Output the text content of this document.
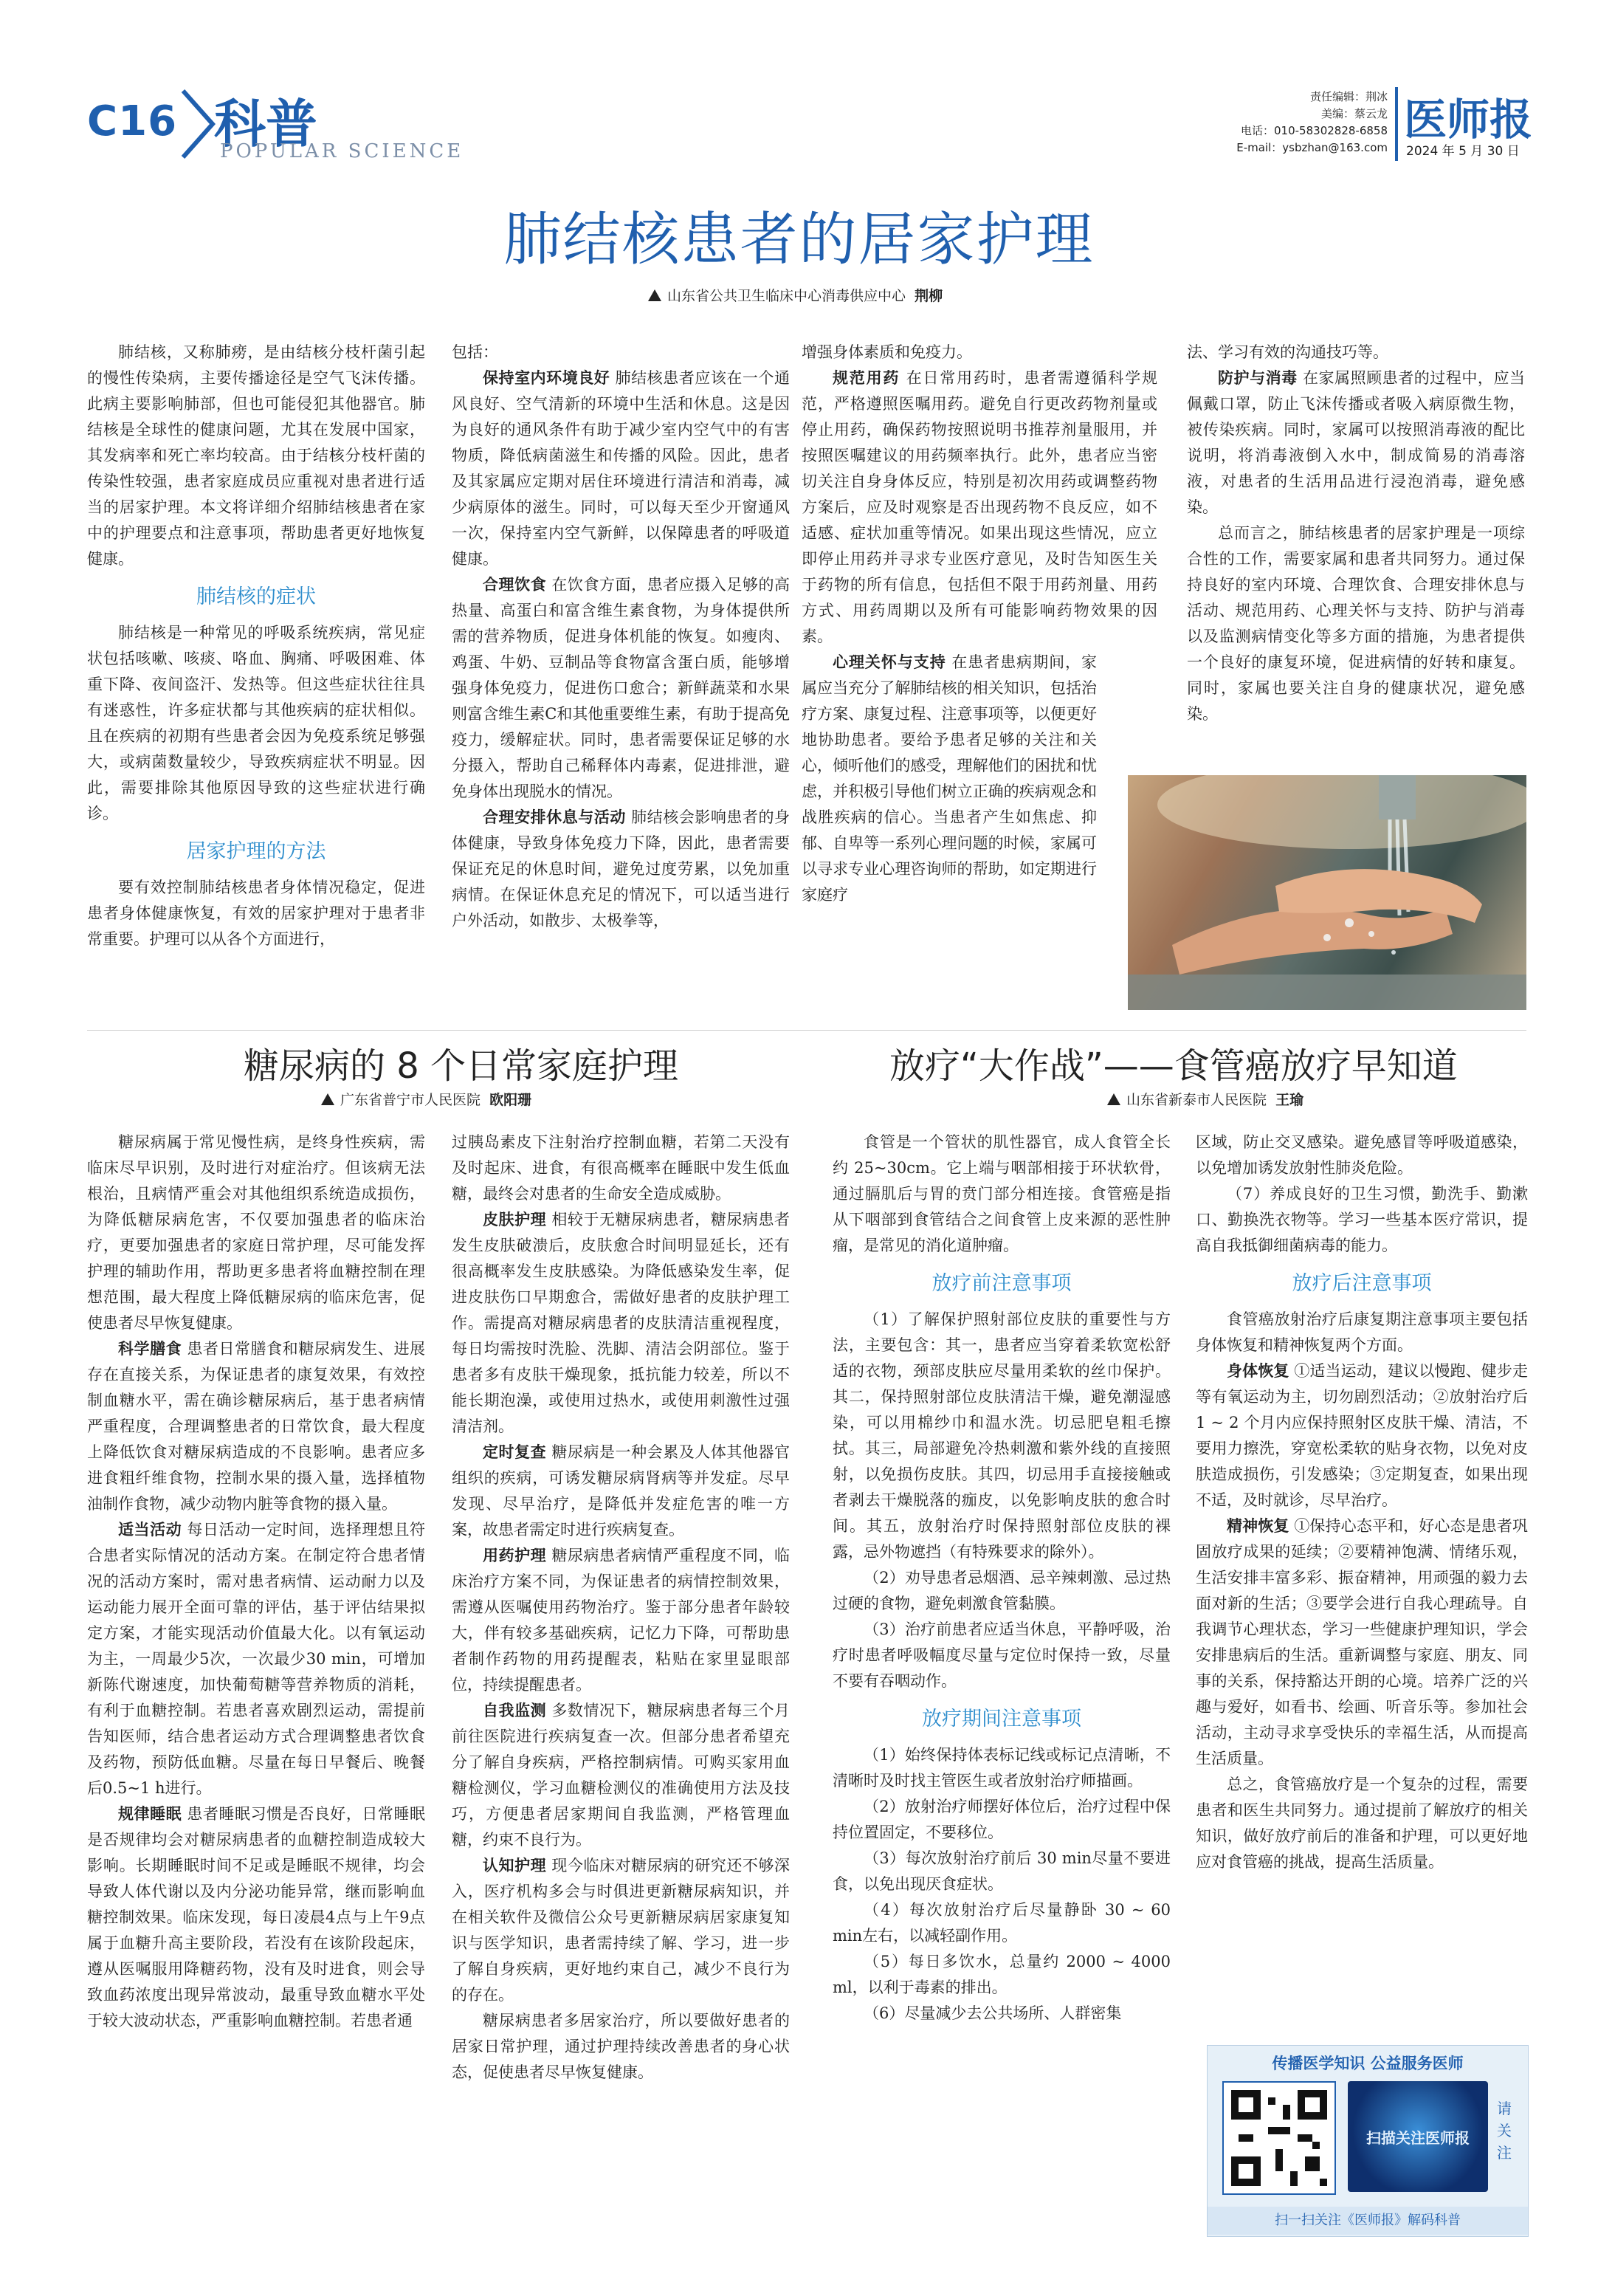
C16 科普
POPULAR SCIENCE
责任编辑：荆冰
美编：蔡云龙
电话：010-58302828-6858
E-mail：ysbzhan@163.com
医师报
2024 年 5 月 30 日
肺结核患者的居家护理
山东省公共卫生临床中心消毒供应中心 荆柳

肺结核，又称肺痨，是由结核分枝杆菌引起的慢性传染病，主要传播途径是空气飞沫传播。此病主要影响肺部，但也可能侵犯其他器官。肺结核是全球性的健康问题，尤其在发展中国家，其发病率和死亡率均较高。由于结核分枝杆菌的传染性较强，患者家庭成员应重视对患者进行适当的居家护理。本文将详细介绍肺结核患者在家中的护理要点和注意事项，帮助患者更好地恢复健康。

肺结核的症状

肺结核是一种常见的呼吸系统疾病，常见症状包括咳嗽、咳痰、咯血、胸痛、呼吸困难、体重下降、夜间盗汗、发热等。但这些症状往往具有迷惑性，许多症状都与其他疾病的症状相似。且在疾病的初期有些患者会因为免疫系统足够强大，或病菌数量较少，导致疾病症状不明显。因此，需要排除其他原因导致的这些症状进行确诊。

居家护理的方法

要有效控制肺结核患者身体情况稳定，促进患者身体健康恢复，有效的居家护理对于患者非常重要。护理可以从各个方面进行，

包括：

保持室内环境良好 肺结核患者应该在一个通风良好、空气清新的环境中生活和休息。这是因为良好的通风条件有助于减少室内空气中的有害物质，降低病菌滋生和传播的风险。因此，患者及其家属应定期对居住环境进行清洁和消毒，减少病原体的滋生。同时，可以每天至少开窗通风一次，保持室内空气新鲜，以保障患者的呼吸道健康。

合理饮食 在饮食方面，患者应摄入足够的高热量、高蛋白和富含维生素食物，为身体提供所需的营养物质，促进身体机能的恢复。如瘦肉、鸡蛋、牛奶、豆制品等食物富含蛋白质，能够增强身体免疫力，促进伤口愈合；新鲜蔬菜和水果则富含维生素C和其他重要维生素，有助于提高免疫力，缓解症状。同时，患者需要保证足够的水分摄入，帮助自己稀释体内毒素，促进排泄，避免身体出现脱水的情况。

合理安排休息与活动 肺结核会影响患者的身体健康，导致身体免疫力下降，因此，患者需要保证充足的休息时间，避免过度劳累，以免加重病情。在保证休息充足的情况下，可以适当进行户外活动，如散步、太极拳等，

增强身体素质和免疫力。

规范用药 在日常用药时，患者需遵循科学规范，严格遵照医嘱用药。避免自行更改药物剂量或停止用药，确保药物按照说明书推荐剂量服用，并按照医嘱建议的用药频率执行。此外，患者应当密切关注自身身体反应，特别是初次用药或调整药物方案后，应及时观察是否出现药物不良反应，如不适感、症状加重等情况。如果出现这些情况，应立即停止用药并寻求专业医疗意见，及时告知医生关于药物的所有信息，包括但不限于用药剂量、用药方式、用药周期以及所有可能影响药物效果的因素。

心理关怀与支持 在患者患病期间，家属应当充分了解肺结核的相关知识，包括治疗方案、康复过程、注意事项等，以便更好地协助患者。要给予患者足够的关注和关心，倾听他们的感受，理解他们的困扰和忧虑，并积极引导他们树立正确的疾病观念和战胜疾病的信心。当患者产生如焦虑、抑郁、自卑等一系列心理问题的时候，家属可以寻求专业心理咨询师的帮助，如定期进行家庭疗

法、学习有效的沟通技巧等。

防护与消毒 在家属照顾患者的过程中，应当佩戴口罩，防止飞沫传播或者吸入病原微生物，被传染疾病。同时，家属可以按照消毒液的配比说明，将消毒液倒入水中，制成简易的消毒溶液，对患者的生活用品进行浸泡消毒，避免感染。

总而言之，肺结核患者的居家护理是一项综合性的工作，需要家属和患者共同努力。通过保持良好的室内环境、合理饮食、合理安排休息与活动、规范用药、心理关怀与支持、防护与消毒以及监测病情变化等多方面的措施，为患者提供一个良好的康复环境，促进病情的好转和康复。同时，家属也要关注自身的健康状况，避免感染。

糖尿病的 8 个日常家庭护理
广东省普宁市人民医院 欧阳珊

糖尿病属于常见慢性病，是终身性疾病，需临床尽早识别，及时进行对症治疗。但该病无法根治，且病情严重会对其他组织系统造成损伤，为降低糖尿病危害，不仅要加强患者的临床治疗，更要加强患者的家庭日常护理，尽可能发挥护理的辅助作用，帮助更多患者将血糖控制在理想范围，最大程度上降低糖尿病的临床危害，促使患者尽早恢复健康。

科学膳食 患者日常膳食和糖尿病发生、进展存在直接关系，为保证患者的康复效果，有效控制血糖水平，需在确诊糖尿病后，基于患者病情严重程度，合理调整患者的日常饮食，最大程度上降低饮食对糖尿病造成的不良影响。患者应多进食粗纤维食物，控制水果的摄入量，选择植物油制作食物，减少动物内脏等食物的摄入量。

适当活动 每日活动一定时间，选择理想且符合患者实际情况的活动方案。在制定符合患者情况的活动方案时，需对患者病情、运动耐力以及运动能力展开全面可靠的评估，基于评估结果拟定方案，才能实现活动价值最大化。以有氧运动为主，一周最少5次，一次最少30 min，可增加新陈代谢速度，加快葡萄糖等营养物质的消耗，有利于血糖控制。若患者喜欢剧烈运动，需提前告知医师，结合患者运动方式合理调整患者饮食及药物，预防低血糖。尽量在每日早餐后、晚餐后0.5~1 h进行。

规律睡眠 患者睡眠习惯是否良好，日常睡眠是否规律均会对糖尿病患者的血糖控制造成较大影响。长期睡眠时间不足或是睡眠不规律，均会导致人体代谢以及内分泌功能异常，继而影响血糖控制效果。临床发现，每日凌晨4点与上午9点属于血糖升高主要阶段，若没有在该阶段起床，遵从医嘱服用降糖药物，没有及时进食，则会导致血药浓度出现异常波动，最重导致血糖水平处于较大波动状态，严重影响血糖控制。若患者通

过胰岛素皮下注射治疗控制血糖，若第二天没有及时起床、进食，有很高概率在睡眠中发生低血糖，最终会对患者的生命安全造成威胁。

皮肤护理 相较于无糖尿病患者，糖尿病患者发生皮肤破溃后，皮肤愈合时间明显延长，还有很高概率发生皮肤感染。为降低感染发生率，促进皮肤伤口早期愈合，需做好患者的皮肤护理工作。需提高对糖尿病患者的皮肤清洁重视程度，每日均需按时洗脸、洗脚、清洁会阴部位。鉴于患者多有皮肤干燥现象，抵抗能力较差，所以不能长期泡澡，或使用过热水，或使用刺激性过强清洁剂。

定时复查 糖尿病是一种会累及人体其他器官组织的疾病，可诱发糖尿病肾病等并发症。尽早发现、尽早治疗，是降低并发症危害的唯一方案，故患者需定时进行疾病复查。

用药护理 糖尿病患者病情严重程度不同，临床治疗方案不同，为保证患者的病情控制效果，需遵从医嘱使用药物治疗。鉴于部分患者年龄较大，伴有较多基础疾病，记忆力下降，可帮助患者制作药物的用药提醒表，粘贴在家里显眼部位，持续提醒患者。

自我监测 多数情况下，糖尿病患者每三个月前往医院进行疾病复查一次。但部分患者希望充分了解自身疾病，严格控制病情。可购买家用血糖检测仪，学习血糖检测仪的准确使用方法及技巧，方便患者居家期间自我监测，严格管理血糖，约束不良行为。

认知护理 现今临床对糖尿病的研究还不够深入，医疗机构多会与时俱进更新糖尿病知识，并在相关软件及微信公众号更新糖尿病居家康复知识与医学知识，患者需持续了解、学习，进一步了解自身疾病，更好地约束自己，减少不良行为的存在。

糖尿病患者多居家治疗，所以要做好患者的居家日常护理，通过护理持续改善患者的身心状态，促使患者尽早恢复健康。

放疗“大作战”——食管癌放疗早知道
山东省新泰市人民医院 王瑜

食管是一个管状的肌性器官，成人食管全长约 25~30cm。它上端与咽部相接于环状软骨，通过膈肌后与胃的贲门部分相连接。食管癌是指从下咽部到食管结合之间食管上皮来源的恶性肿瘤，是常见的消化道肿瘤。

放疗前注意事项

（1）了解保护照射部位皮肤的重要性与方法，主要包含：其一，患者应当穿着柔软宽松舒适的衣物，颈部皮肤应尽量用柔软的丝巾保护。其二，保持照射部位皮肤清洁干燥，避免潮湿感染，可以用棉纱巾和温水洗。切忌肥皂粗毛擦拭。其三，局部避免冷热刺激和紫外线的直接照射，以免损伤皮肤。其四，切忌用手直接接触或者剥去干燥脱落的痂皮，以免影响皮肤的愈合时间。其五，放射治疗时保持照射部位皮肤的裸露，忌外物遮挡（有特殊要求的除外）。

（2）劝导患者忌烟酒、忌辛辣刺激、忌过热过硬的食物，避免刺激食管黏膜。

（3）治疗前患者应适当休息，平静呼吸，治疗时患者呼吸幅度尽量与定位时保持一致，尽量不要有吞咽动作。

放疗期间注意事项

（1）始终保持体表标记线或标记点清晰，不清晰时及时找主管医生或者放射治疗师描画。

（2）放射治疗师摆好体位后，治疗过程中保持位置固定，不要移位。

（3）每次放射治疗前后 30 min尽量不要进食，以免出现厌食症状。

（4）每次放射治疗后尽量静卧 30 ~ 60 min左右，以减轻副作用。

（5）每日多饮水，总量约 2000 ~ 4000 ml，以利于毒素的排出。

（6）尽量减少去公共场所、人群密集

区域，防止交叉感染。避免感冒等呼吸道感染，以免增加诱发放射性肺炎危险。

（7）养成良好的卫生习惯，勤洗手、勤漱口、勤换洗衣物等。学习一些基本医疗常识，提高自我抵御细菌病毒的能力。

放疗后注意事项

食管癌放射治疗后康复期注意事项主要包括身体恢复和精神恢复两个方面。

身体恢复 ①适当运动，建议以慢跑、健步走等有氧运动为主，切勿剧烈活动；②放射治疗后 1 ~ 2 个月内应保持照射区皮肤干燥、清洁，不要用力擦洗，穿宽松柔软的贴身衣物，以免对皮肤造成损伤，引发感染；③定期复查，如果出现不适，及时就诊，尽早治疗。

精神恢复 ①保持心态平和，好心态是患者巩固放疗成果的延续；②要精神饱满、情绪乐观，生活安排丰富多彩、振奋精神，用顽强的毅力去面对新的生活；③要学会进行自我心理疏导。自我调节心理状态，学习一些健康护理知识，学会安排患病后的生活。重新调整与家庭、朋友、同事的关系，保持豁达开朗的心境。培养广泛的兴趣与爱好，如看书、绘画、听音乐等。参加社会活动，主动寻求享受快乐的幸福生活，从而提高生活质量。

总之，食管癌放疗是一个复杂的过程，需要患者和医生共同努力。通过提前了解放疗的相关知识，做好放疗前后的准备和护理，可以更好地应对食管癌的挑战，提高生活质量。

传播医学知识 公益服务医师
扫描关注医师报
请关注
扫一扫关注《医师报》解码科普
